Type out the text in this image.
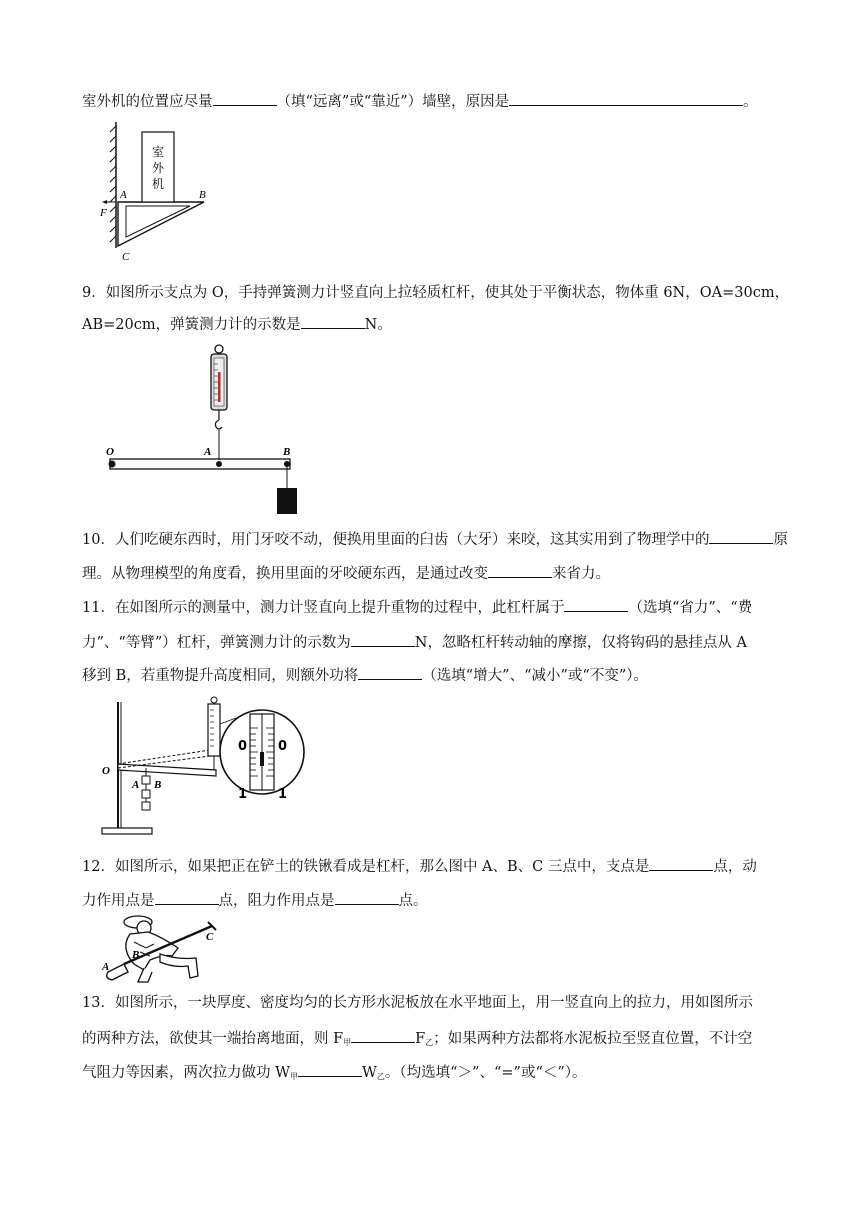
室外机的位置应尽量	（填“远离”或“靠近”）墙壁，原因是	。
室
外
机
A	B
C
F
9．如图所示支点为 O，手持弹簧测力计竖直向上拉轻质杠杆，使其处于平衡状态，物体重 6N，OA=30cm，
AB=20cm，弹簧测力计的示数是	N。
O	A	B
10．人们吃硬东西时，用门牙咬不动，便换用里面的臼齿（大牙）来咬，这其实用到了物理学中的	原
理。从物理模型的角度看，换用里面的牙咬硬东西，是通过改变	来省力。
11．在如图所示的测量中，测力计竖直向上提升重物的过程中，此杠杆属于	（选填“省力”、“费
力”、“等臂”）杠杆，弹簧测力计的示数为	N，忽略杠杆转动轴的摩擦，仅将钩码的悬挂点从 A
移到 B，若重物提升高度相同，则额外功将	（选填“增大”、“减小”或“不变”）。
0 0
1 1
O
A B
12．如图所示，如果把正在铲土的铁锹看成是杠杆，那么图中 A、B、C 三点中，支点是	点，动
力作用点是	点，阻力作用点是	点。
A
B
C
13．如图所示，一块厚度、密度均匀的长方形水泥板放在水平地面上，用一竖直向上的拉力，用如图所示
的两种方法，欲使其一端抬离地面，则 $F_甲$	$F_乙$；如果两种方法都将水泥板拉至竖直位置，不计空
气阻力等因素，两次拉力做功 $W_甲$	$W_乙$。（均选填“＞”、“=”或“＜”）。
